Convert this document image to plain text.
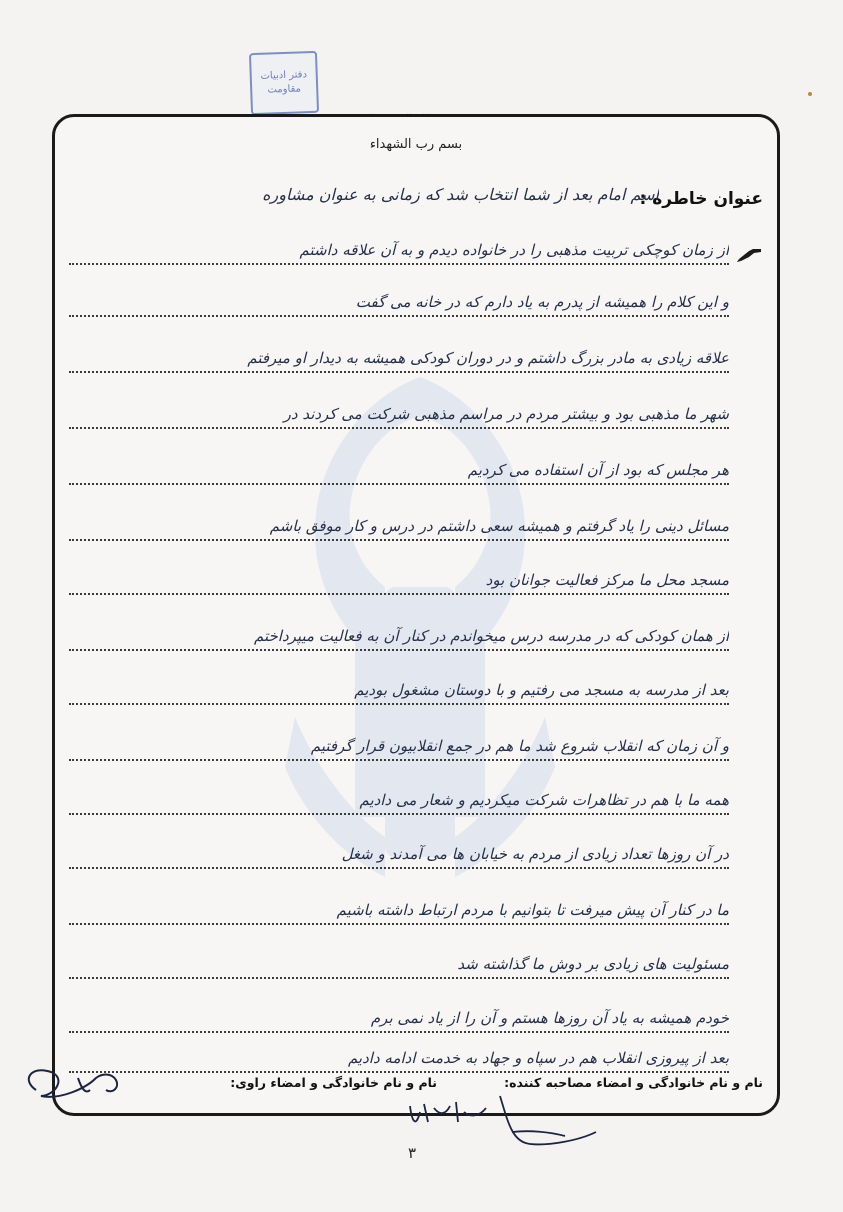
دفتر ادبیات
مقاومت
بسم رب الشهداء
عنوان خاطره :
اسم امام بعد از شما انتخاب شد که زمانی به عنوان مشاوره
از زمان کوچکی تربیت مذهبی را در خانواده دیدم و به آن علاقه داشتم
و این کلام را همیشه از پدرم به یاد دارم که در خانه می گفت
علاقه زیادی به مادر بزرگ داشتم و در دوران کودکی همیشه به دیدار او میرفتم
شهر ما مذهبی بود و بیشتر مردم در مراسم مذهبی شرکت می کردند در
هر مجلس که بود از آن استفاده می کردیم
مسائل دینی را یاد گرفتم و همیشه سعی داشتم در درس و کار موفق باشم
مسجد محل ما مرکز فعالیت جوانان بود
از همان کودکی که در مدرسه درس میخواندم در کنار آن به فعالیت میپرداختم
بعد از مدرسه به مسجد می رفتیم و با دوستان مشغول بودیم
و آن زمان که انقلاب شروع شد ما هم در جمع انقلابیون قرار گرفتیم
همه ما با هم در تظاهرات شرکت میکردیم و شعار می دادیم
در آن روزها تعداد زیادی از مردم به خیابان ها می آمدند و شغل
ما در کنار آن پیش میرفت تا بتوانیم با مردم ارتباط داشته باشیم
مسئولیت های زیادی بر دوش ما گذاشته شد
خودم همیشه به یاد آن روزها هستم و آن را از یاد نمی برم
بعد از پیروزی انقلاب هم در سپاه و جهاد به خدمت ادامه دادیم
نام و نام خانوادگی و امضاء مصاحبه کننده:
نام و نام خانوادگی و امضاء راوی:
۳
